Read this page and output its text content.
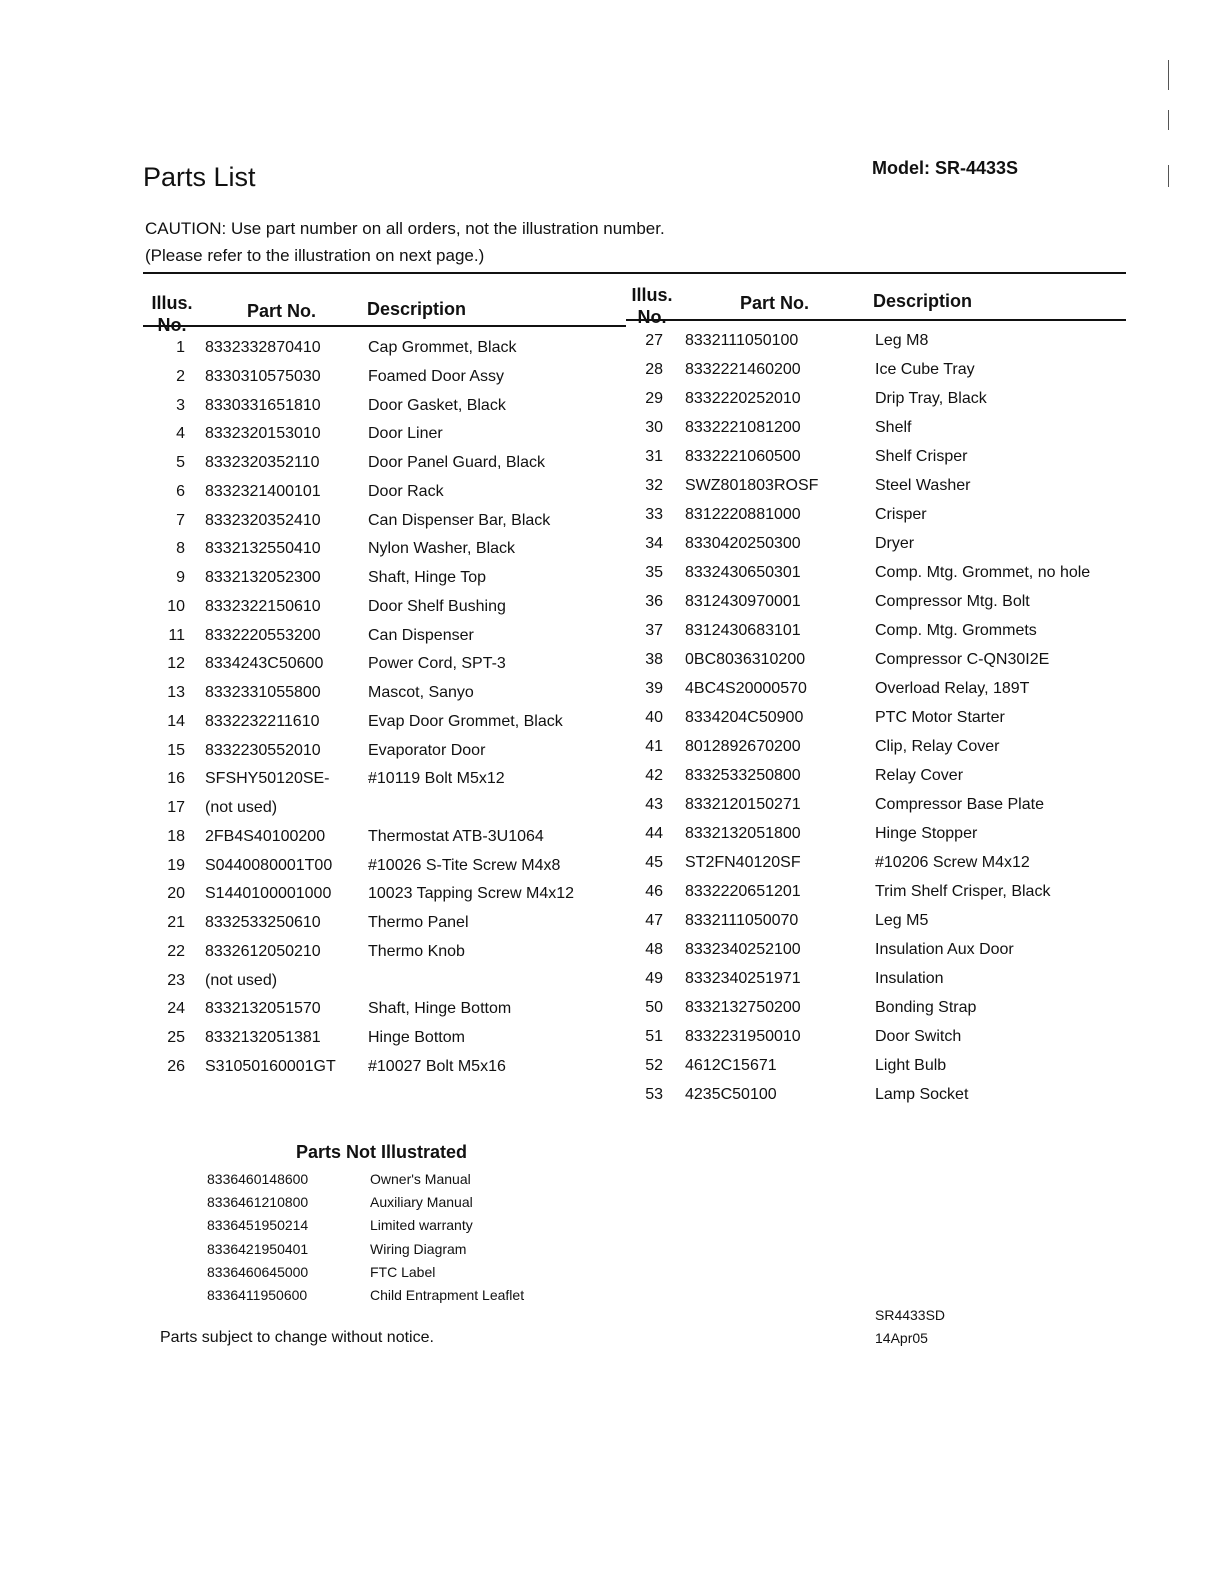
Parts List	Model: SR-4433S
CAUTION: Use part number on all orders, not the illustration number.
(Please refer to the illustration on next page.)
Illus.
No.
Part No.	Description
Illus.
No.
Part No.	Description
1 8332332870410	Cap Grommet, Black
2 8330310575030	Foamed Door Assy
3 8330331651810	Door Gasket, Black
4 8332320153010	Door Liner
5 8332320352110	Door Panel Guard, Black
6 8332321400101	Door Rack
7 8332320352410	Can Dispenser Bar, Black
8 8332132550410	Nylon Washer, Black
9 8332132052300	Shaft, Hinge Top
10 8332322150610	Door Shelf Bushing
11 8332220553200	Can Dispenser
12 8334243C50600	Power Cord, SPT-3
13 8332331055800	Mascot, Sanyo
14 8332232211610	Evap Door Grommet, Black
15 8332230552010	Evaporator Door
16 SFSHY50120SE- #10119 Bolt M5x12
17 (not used)
18 2FB4S40100200	Thermostat ATB-3U1064
19 S0440080001T00 #10026 S-Tite Screw M4x8
20 S1440100001000 10023 Tapping Screw M4x12
21 8332533250610	Thermo Panel
22 8332612050210	Thermo Knob
23 (not used)
24 8332132051570	Shaft, Hinge Bottom
25 8332132051381	Hinge Bottom
26 S31050160001GT #10027 Bolt M5x16
27 8332111050100	Leg M8
28 8332221460200	Ice Cube Tray
29 8332220252010	Drip Tray, Black
30 8332221081200	Shelf
31 8332221060500	Shelf Crisper
32 SWZ801803ROSF	Steel Washer
33 8312220881000	Crisper
34 8330420250300	Dryer
35 8332430650301	Comp. Mtg. Grommet, no hole
36 8312430970001	Compressor Mtg. Bolt
37 8312430683101	Comp. Mtg. Grommets
38 0BC8036310200	Compressor C-QN30I2E
39 4BC4S20000570	Overload Relay, 189T
40 8334204C50900	PTC Motor Starter
41 8012892670200	Clip, Relay Cover
42 8332533250800	Relay Cover
43 8332120150271	Compressor Base Plate
44 8332132051800	Hinge Stopper
45 ST2FN40120SF	#10206 Screw M4x12
46 8332220651201	Trim Shelf Crisper, Black
47 8332111050070	Leg M5
48 8332340252100	Insulation Aux Door
49 8332340251971	Insulation
50 8332132750200	Bonding Strap
51 8332231950010	Door Switch
52 4612C15671	Light Bulb
53 4235C50100	Lamp Socket
Parts Not Illustrated
8336460148600	Owner's Manual
8336461210800	Auxiliary Manual
8336451950214	Limited warranty
8336421950401	Wiring Diagram
8336460645000	FTC Label
8336411950600	Child Entrapment Leaflet
Parts subject to change without notice.
SR4433SD
14Apr05
